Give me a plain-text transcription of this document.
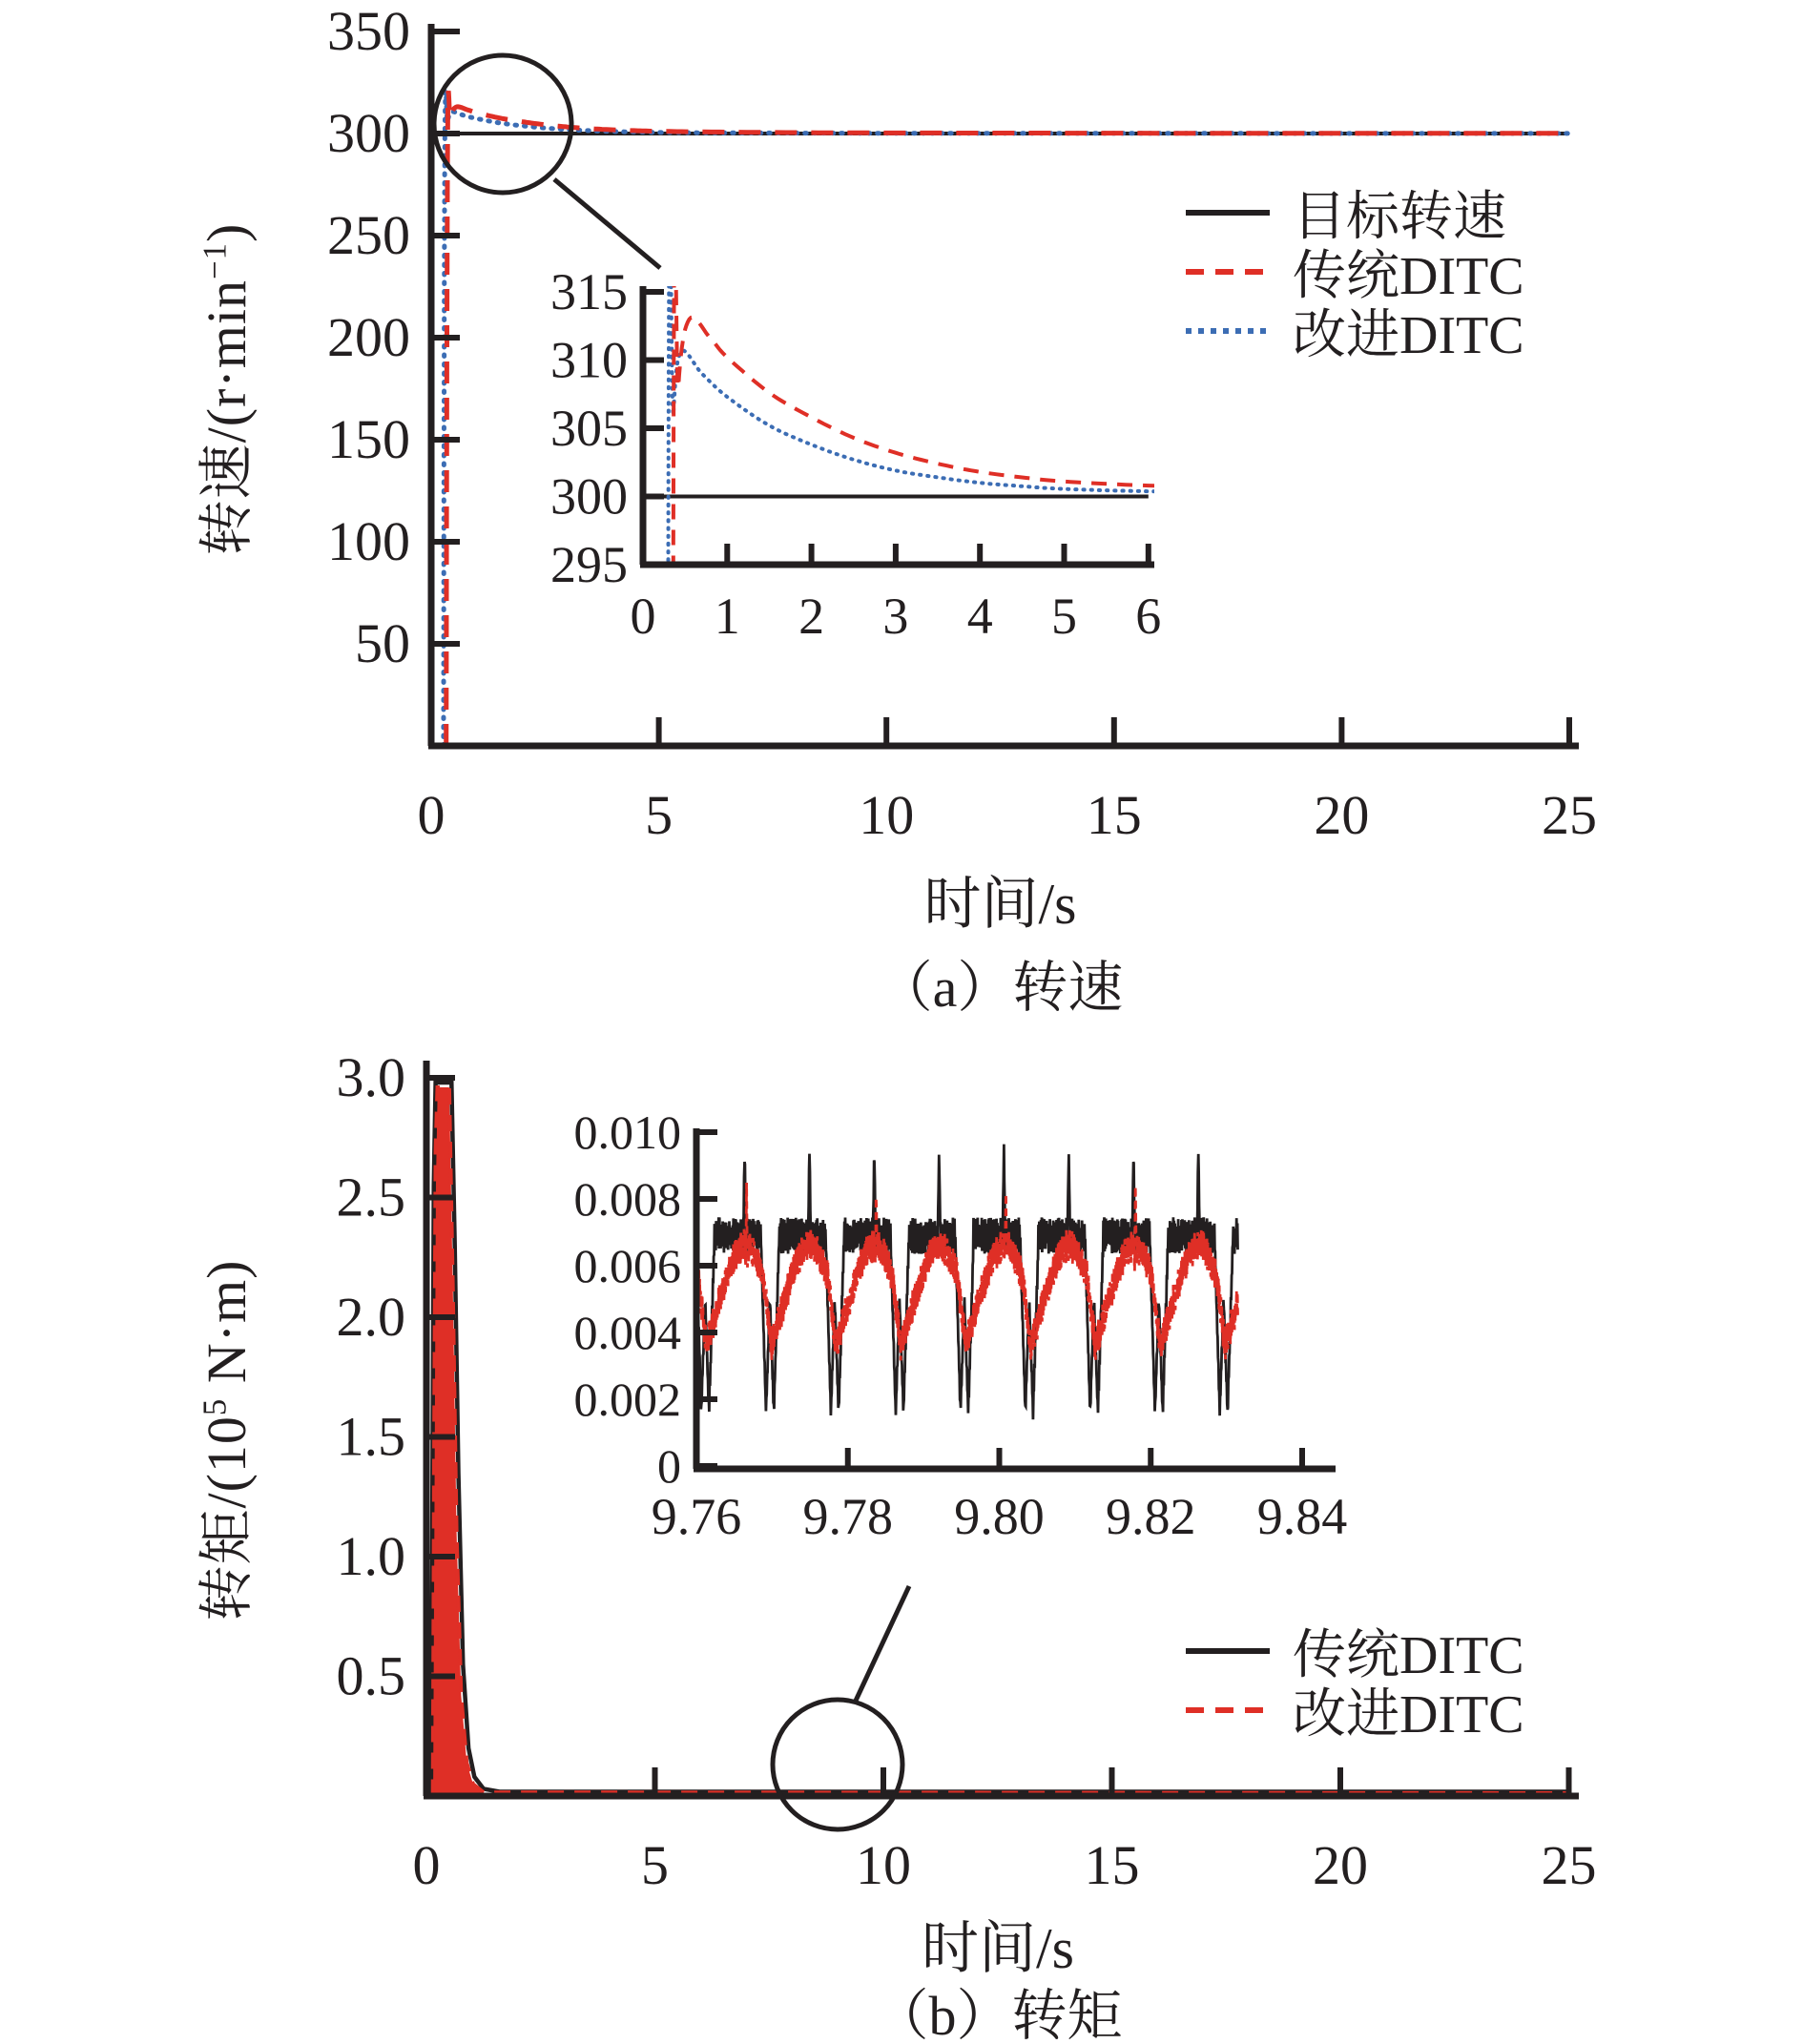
50
100
150
200
250
300
350
0	5	10	15	20	25
295
300
305
310
315
0 1 2 3 4 5 6
0.5
1.0
1.5
2.0
2.5
3.0
0	5	10	15	20	25
0
0.002
0.004
0.006
0.008
0.010
9.76 9.78 9.80 9.82 9.84
转速$/(r\cdot\min^{-1})$
时间/s
（a）转速
目标转速
传统DITC
改进DITC
转矩$/(10^5$ N·m)
时间/s
（b）转矩
传统DITC
改进DITC
